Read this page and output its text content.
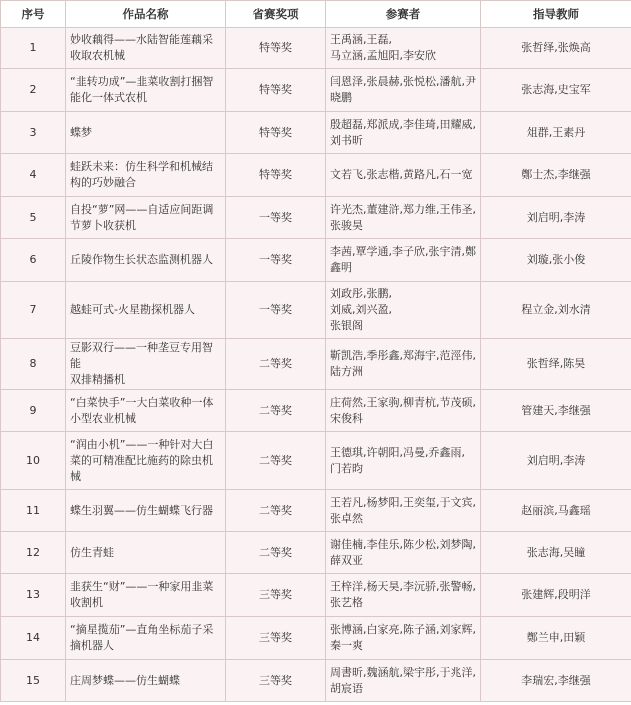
序号	作品名称	省赛奖项	参赛者	指导教师
1	妙收藕得——水陆智能莲藕采
收取农机械	特等奖	王禹涵,王磊,
马立涵,孟旭阳,李安欣	张哲绎,张焕高
2	“韭转功成”—韭菜收割打捆智
能化一体式农机	特等奖	闫恩泽,张晨赫,张悦松,潘航,尹
晓鹏	张志海,史宝军
3	蝶梦	特等奖	殷超磊,郑派成,李佳琦,田耀威,
刘书昕	俎群,王素丹
4	蛙跃未来：仿生科学和机械结
构的巧妙融合	特等奖	文若飞,张志楷,黄路凡,石一宽	鄭士杰,李继强
5	自投“萝”网——自适应间距调
节萝卜收获机	一等奖	许光杰,董建浒,郑力维,王伟圣,
张骏昊	刘启明,李涛
6	丘陵作物生长状态监测机器人	一等奖	李茜,覃学通,李子欣,张宇清,鄭
鑫明	刘璇,张小俊
7	越蛙可式-火星勘探机器人	一等奖	刘政彤,张鹏,
刘威,刘兴盈,
张银阁	程立金,刘水清
8	豆影双行——一种垄豆专用智能
双排精播机	二等奖	靳凯浩,季彤鑫,郑海宇,范涇伟,
陆方洲	张哲绎,陈昊
9	“白菜快手”一大白菜收种一体
小型农业机械	二等奖	庄荷然,王家驹,柳青杭,节茂硕,
宋俊科	管建天,李继强
10	“润由小机”——一种针对大白
菜的可精准配比施药的除虫机
械	二等奖	王德琪,许朝阳,冯曼,乔鑫雨,
门若昀	刘启明,李涛
11	蝶生羽翼——仿生蝴蝶飞行器	二等奖	王若凡,杨梦阳,王奕玺,于文宾,
张卓然	赵丽滨,马鑫瑶
12	仿生青蛙	二等奖	谢佳楠,李佳乐,陈少松,刘梦陶,
薛双亚	张志海,吴瞳
13	韭获生“财”——一种家用韭菜
收割机	三等奖	王梓洋,杨天昊,李沅骄,张警畅,
张艺格	张建辉,段明洋
14	“摘星揽茄”—直角坐标茄子采
摘机器人	三等奖	张博涵,白家亮,陈子涵,刘家辉,
秦一爽	鄭兰申,田颖
15	庄周梦蝶——仿生蝴蝶	三等奖	周書昕,魏涵航,梁宇彤,于兆洋,
胡宸语	李瑞宏,李继强
